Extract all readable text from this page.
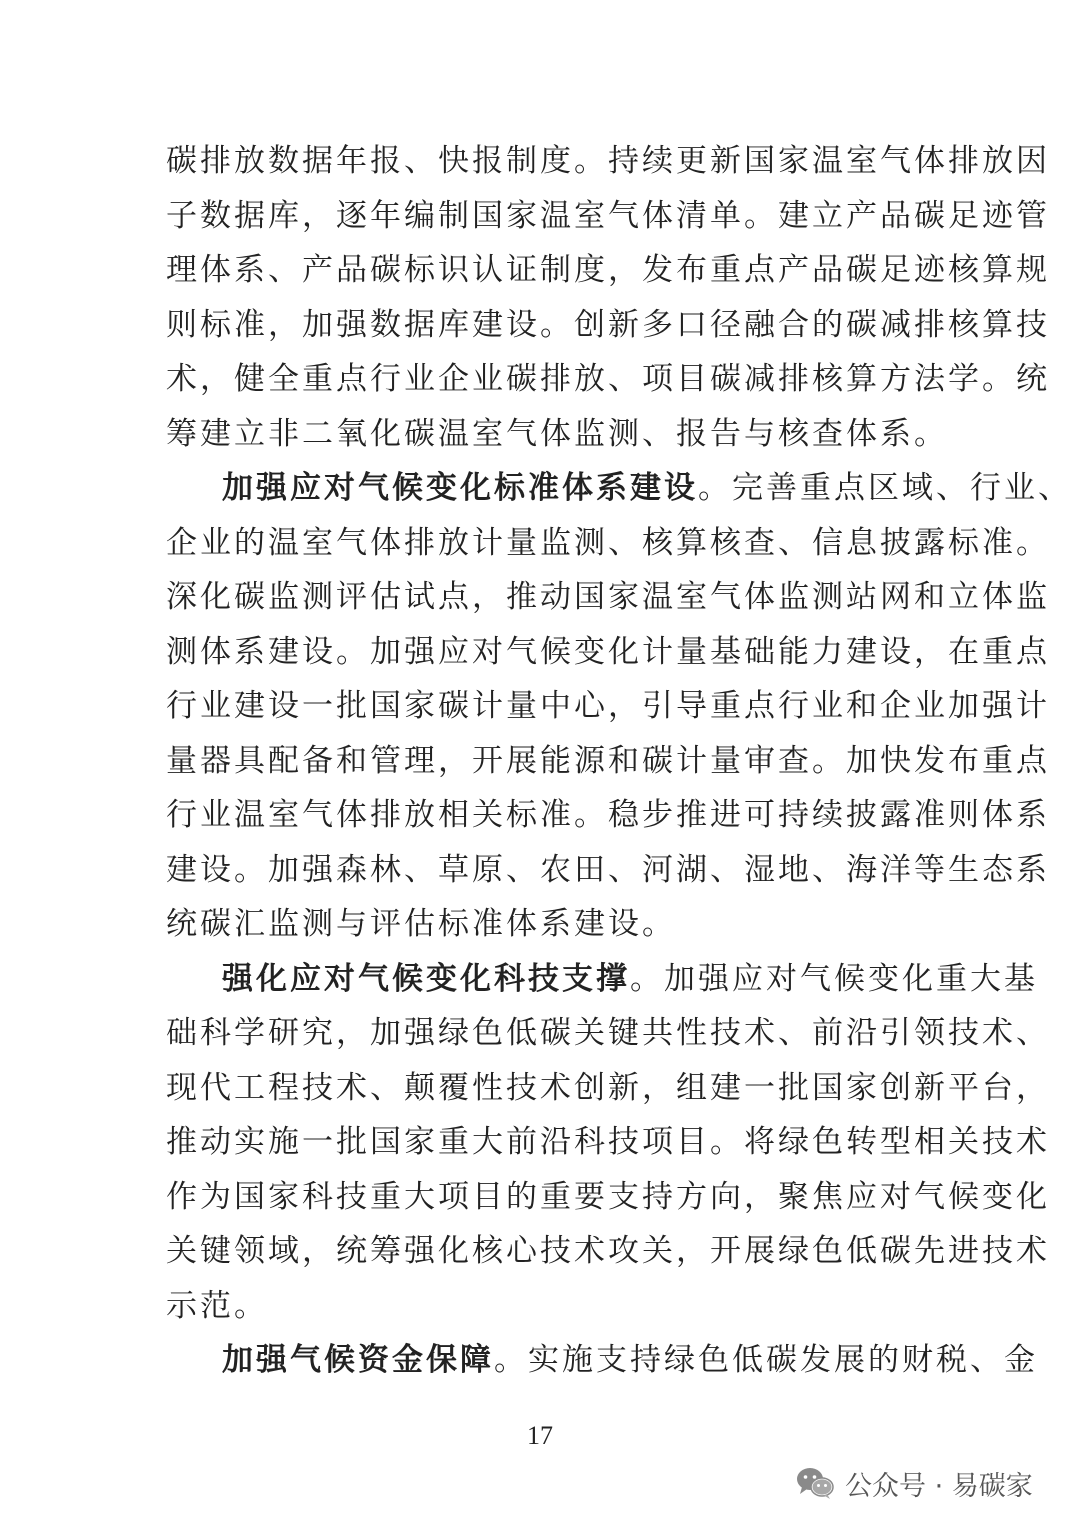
碳排放数据年报、快报制度。持续更新国家温室气体排放因
子数据库，逐年编制国家温室气体清单。建立产品碳足迹管
理体系、产品碳标识认证制度，发布重点产品碳足迹核算规
则标准，加强数据库建设。创新多口径融合的碳减排核算技
术，健全重点行业企业碳排放、项目碳减排核算方法学。统
筹建立非二氧化碳温室气体监测、报告与核查体系。
加强应对气候变化标准体系建设。完善重点区域、行业、
企业的温室气体排放计量监测、核算核查、信息披露标准。
深化碳监测评估试点，推动国家温室气体监测站网和立体监
测体系建设。加强应对气候变化计量基础能力建设，在重点
行业建设一批国家碳计量中心，引导重点行业和企业加强计
量器具配备和管理，开展能源和碳计量审查。加快发布重点
行业温室气体排放相关标准。稳步推进可持续披露准则体系
建设。加强森林、草原、农田、河湖、湿地、海洋等生态系
统碳汇监测与评估标准体系建设。
强化应对气候变化科技支撑。加强应对气候变化重大基
础科学研究，加强绿色低碳关键共性技术、前沿引领技术、
现代工程技术、颠覆性技术创新，组建一批国家创新平台，
推动实施一批国家重大前沿科技项目。将绿色转型相关技术
作为国家科技重大项目的重要支持方向，聚焦应对气候变化
关键领域，统筹强化核心技术攻关，开展绿色低碳先进技术
示范。
加强气候资金保障。实施支持绿色低碳发展的财税、金
17
公众号 · 易碳家
